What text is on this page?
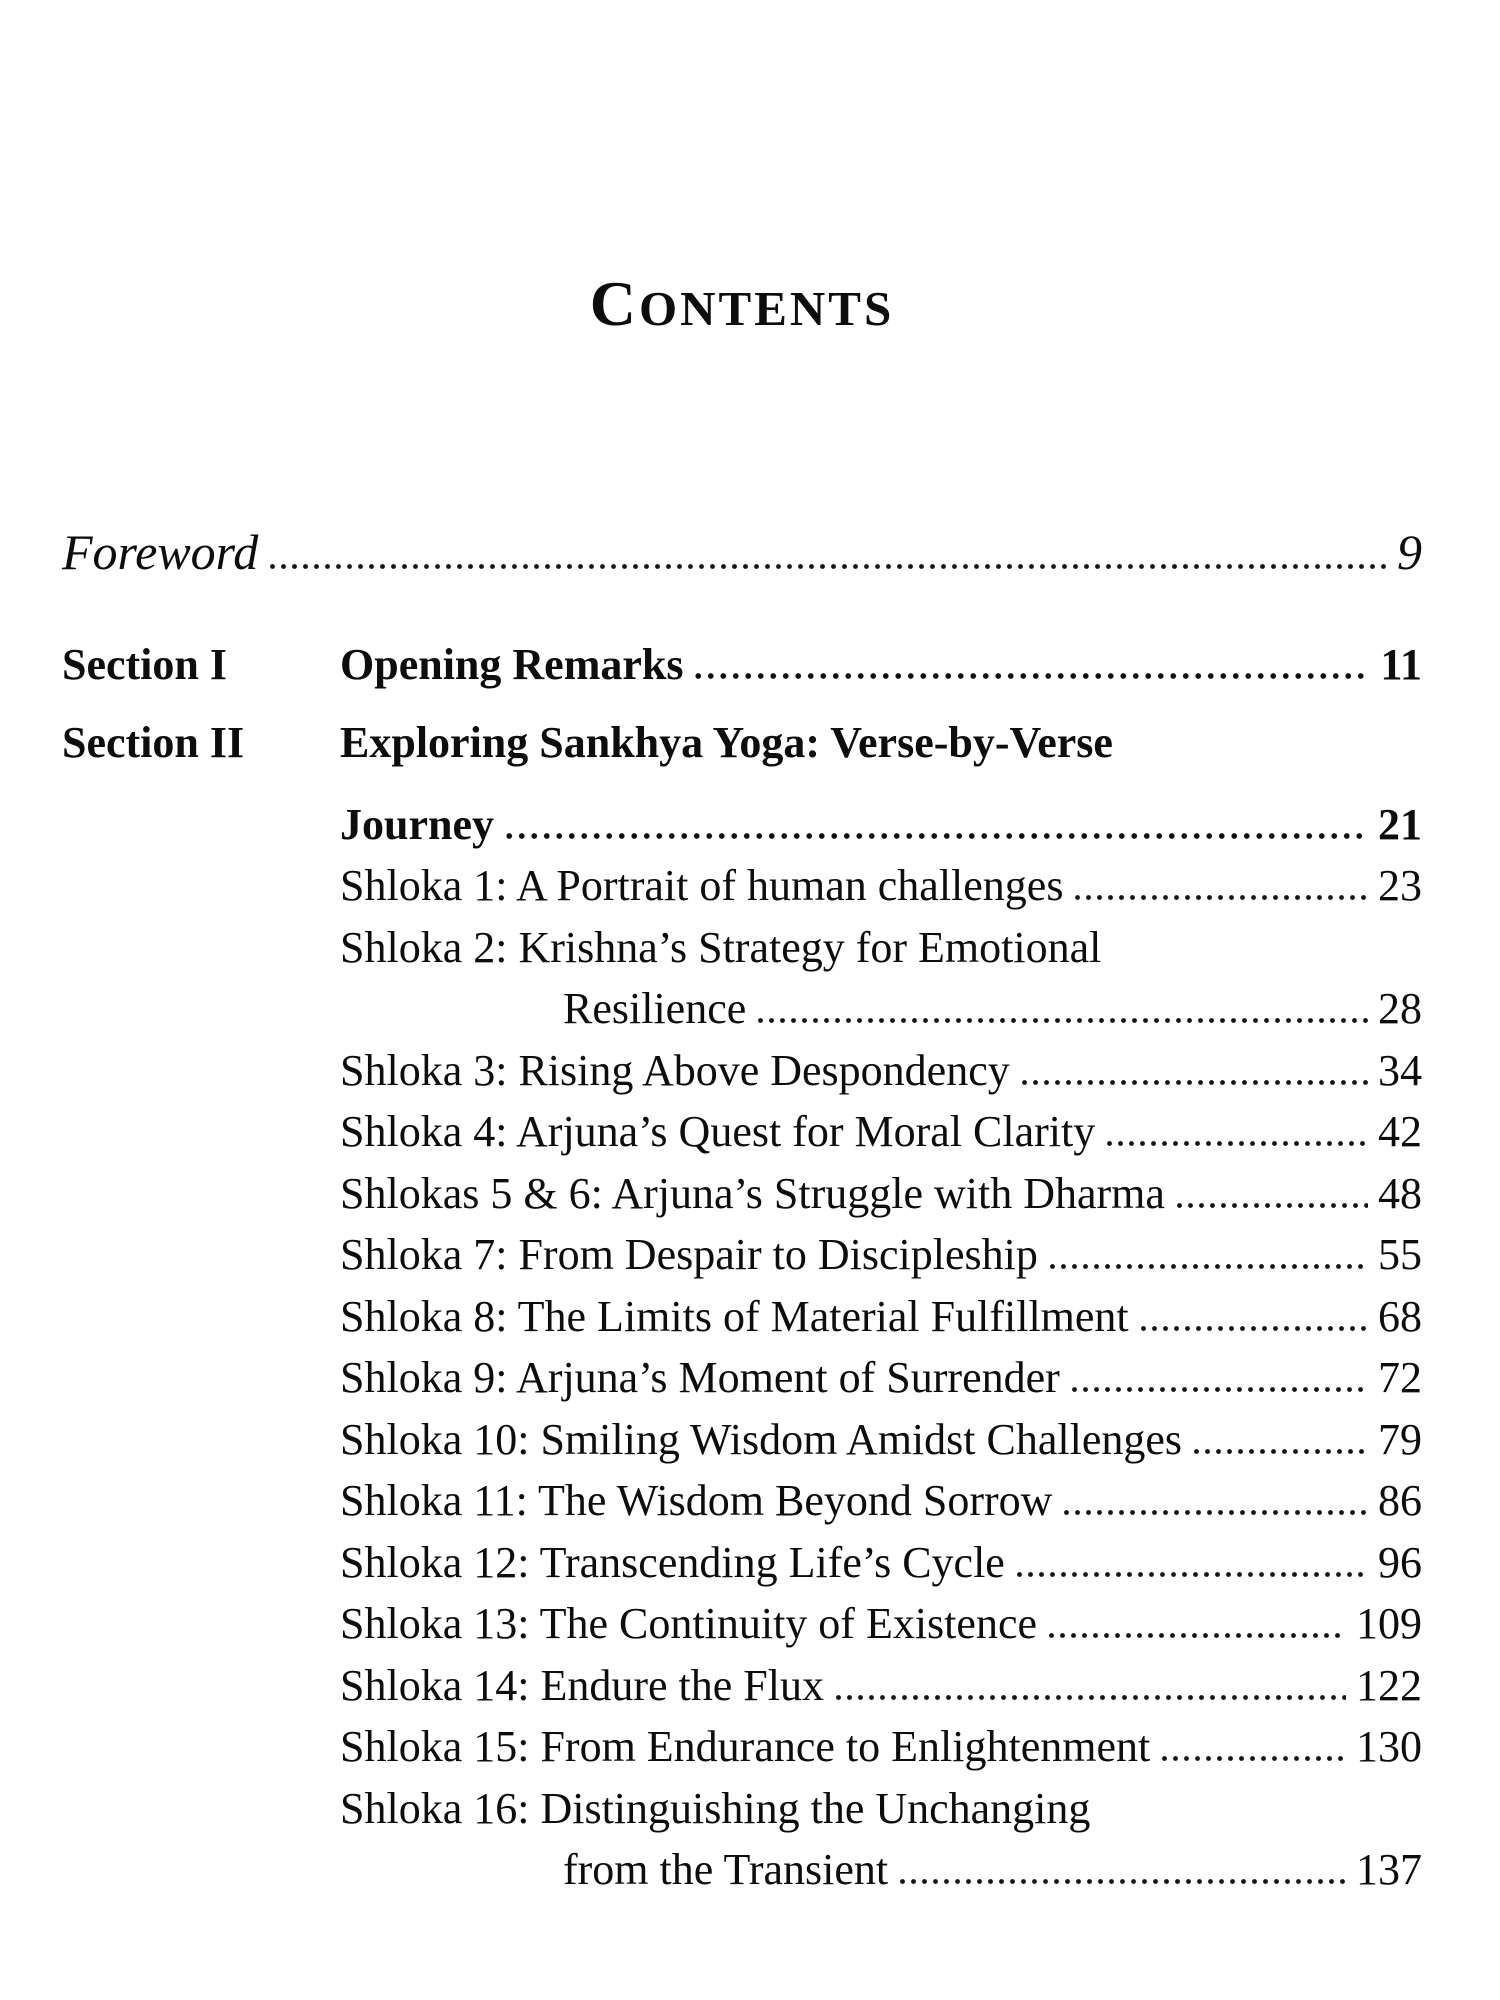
CONTENTS
Foreword	9
Section I	Opening Remarks	11
Section II	Exploring Sankhya Yoga: Verse-by-Verse
Journey	21
Shloka 1: A Portrait of human challenges	23
Shloka 2: Krishna’s Strategy for Emotional
Resilience	28
Shloka 3: Rising Above Despondency	34
Shloka 4: Arjuna’s Quest for Moral Clarity	42
Shlokas 5 & 6: Arjuna’s Struggle with Dharma	48
Shloka 7: From Despair to Discipleship	55
Shloka 8: The Limits of Material Fulfillment	68
Shloka 9: Arjuna’s Moment of Surrender	72
Shloka 10: Smiling Wisdom Amidst Challenges	79
Shloka 11: The Wisdom Beyond Sorrow	86
Shloka 12: Transcending Life’s Cycle	96
Shloka 13: The Continuity of Existence	109
Shloka 14: Endure the Flux	122
Shloka 15: From Endurance to Enlightenment	130
Shloka 16: Distinguishing the Unchanging
from the Transient	137
